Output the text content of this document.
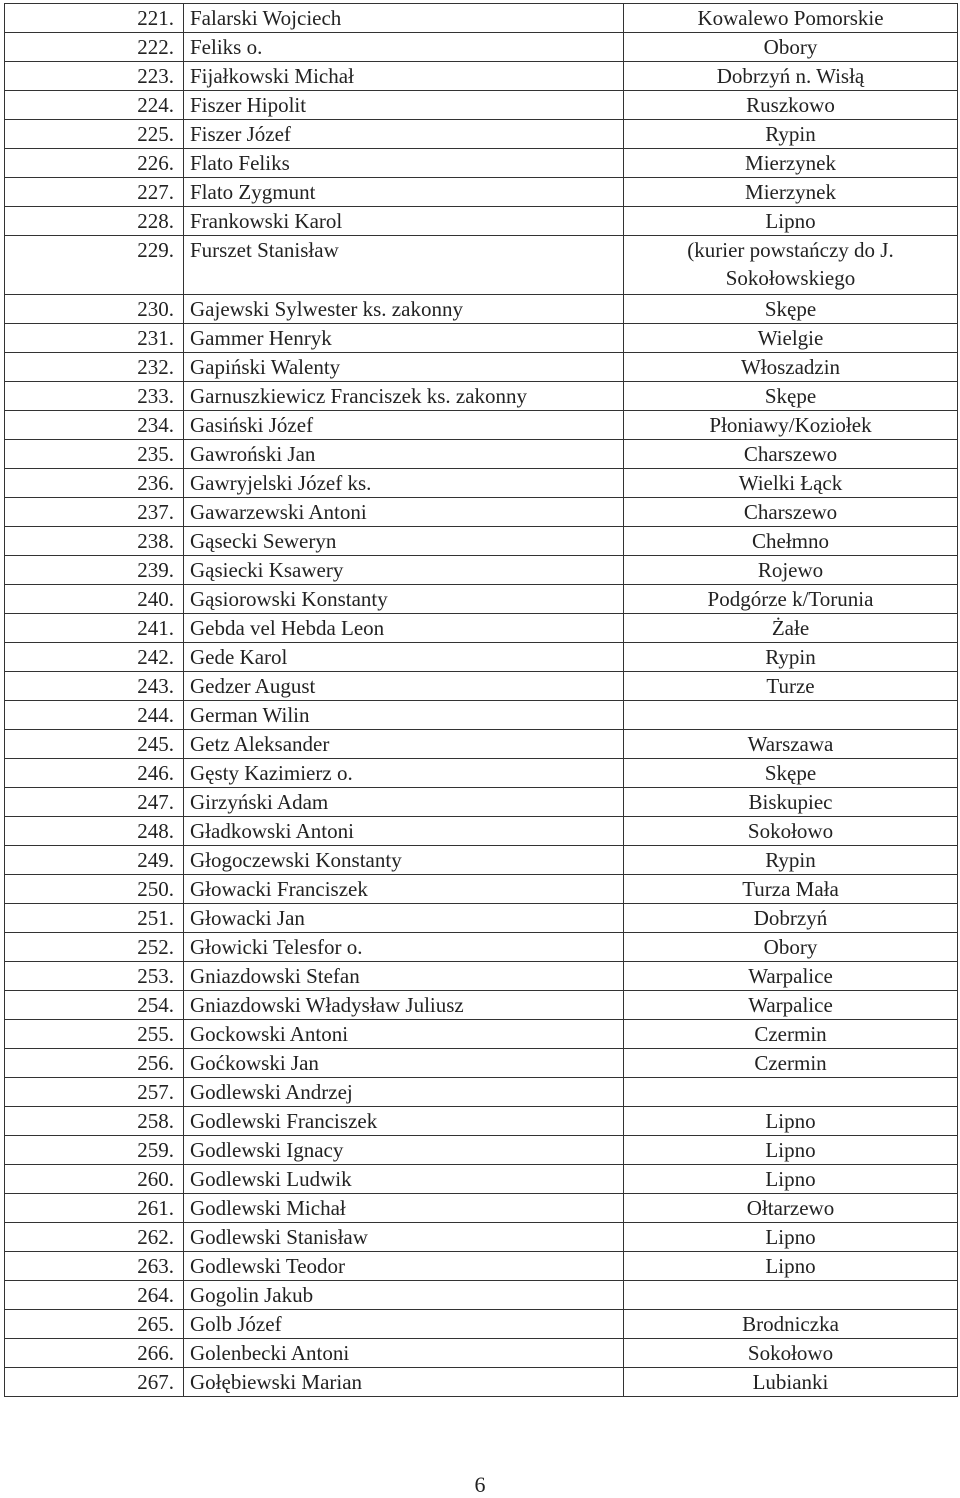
221.	Falarski Wojciech	Kowalewo Pomorskie
222.	Feliks o.	Obory
223.	Fijałkowski Michał	Dobrzyń n. Wisłą
224.	Fiszer Hipolit	Ruszkowo
225.	Fiszer Józef	Rypin
226.	Flato Feliks	Mierzynek
227.	Flato Zygmunt	Mierzynek
228.	Frankowski Karol	Lipno
229.	Furszet Stanisław	(kurier powstańczy do J. Sokołowskiego
230.	Gajewski Sylwester ks. zakonny	Skępe
231.	Gammer Henryk	Wielgie
232.	Gapiński Walenty	Włoszadzin
233.	Garnuszkiewicz Franciszek ks. zakonny	Skępe
234.	Gasiński Józef	Płoniawy/Koziołek
235.	Gawroński Jan	Charszewo
236.	Gawryjelski Józef ks.	Wielki Łąck
237.	Gawarzewski Antoni	Charszewo
238.	Gąsecki Seweryn	Chełmno
239.	Gąsiecki Ksawery	Rojewo
240.	Gąsiorowski Konstanty	Podgórze k/Torunia
241.	Gebda vel Hebda Leon	Żałe
242.	Gede Karol	Rypin
243.	Gedzer August	Turze
244.	German Wilin	
245.	Getz Aleksander	Warszawa
246.	Gęsty Kazimierz o.	Skępe
247.	Girzyński Adam	Biskupiec
248.	Gładkowski Antoni	Sokołowo
249.	Głogoczewski Konstanty	Rypin
250.	Głowacki Franciszek	Turza Mała
251.	Głowacki Jan	Dobrzyń
252.	Głowicki Telesfor o.	Obory
253.	Gniazdowski Stefan	Warpalice
254.	Gniazdowski Władysław Juliusz	Warpalice
255.	Gockowski Antoni	Czermin
256.	Goćkowski Jan	Czermin
257.	Godlewski Andrzej	
258.	Godlewski Franciszek	Lipno
259.	Godlewski Ignacy	Lipno
260.	Godlewski Ludwik	Lipno
261.	Godlewski Michał	Ołtarzewo
262.	Godlewski Stanisław	Lipno
263.	Godlewski Teodor	Lipno
264.	Gogolin Jakub	
265.	Golb Józef	Brodniczka
266.	Golenbecki Antoni	Sokołowo
267.	Gołębiewski Marian	Lubianki
6
